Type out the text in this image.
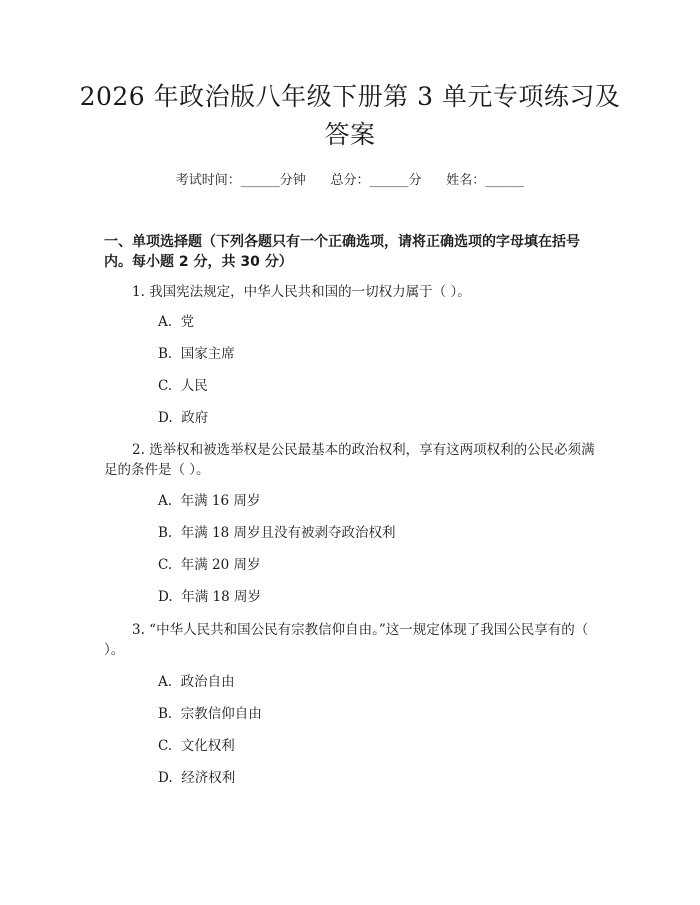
2026 年政治版八年级下册第 3 单元专项练习及答案
考试时间：______分钟      总分：______分      姓名：______
一、单项选择题（下列各题只有一个正确选项，请将正确选项的字母填在括号内。每小题 2 分，共 30 分）

1. 我国宪法规定，中华人民共和国的一切权力属于（ ）。

A.  党
B.  国家主席
C.  人民
D.  政府

2. 选举权和被选举权是公民最基本的政治权利，享有这两项权利的公民必须满足的条件是（ ）。

A.  年满 16 周岁
B.  年满 18 周岁且没有被剥夺政治权利
C.  年满 20 周岁
D.  年满 18 周岁

3. “中华人民共和国公民有宗教信仰自由。”这一规定体现了我国公民享有的（ ）。

A.  政治自由
B.  宗教信仰自由
C.  文化权利
D.  经济权利
